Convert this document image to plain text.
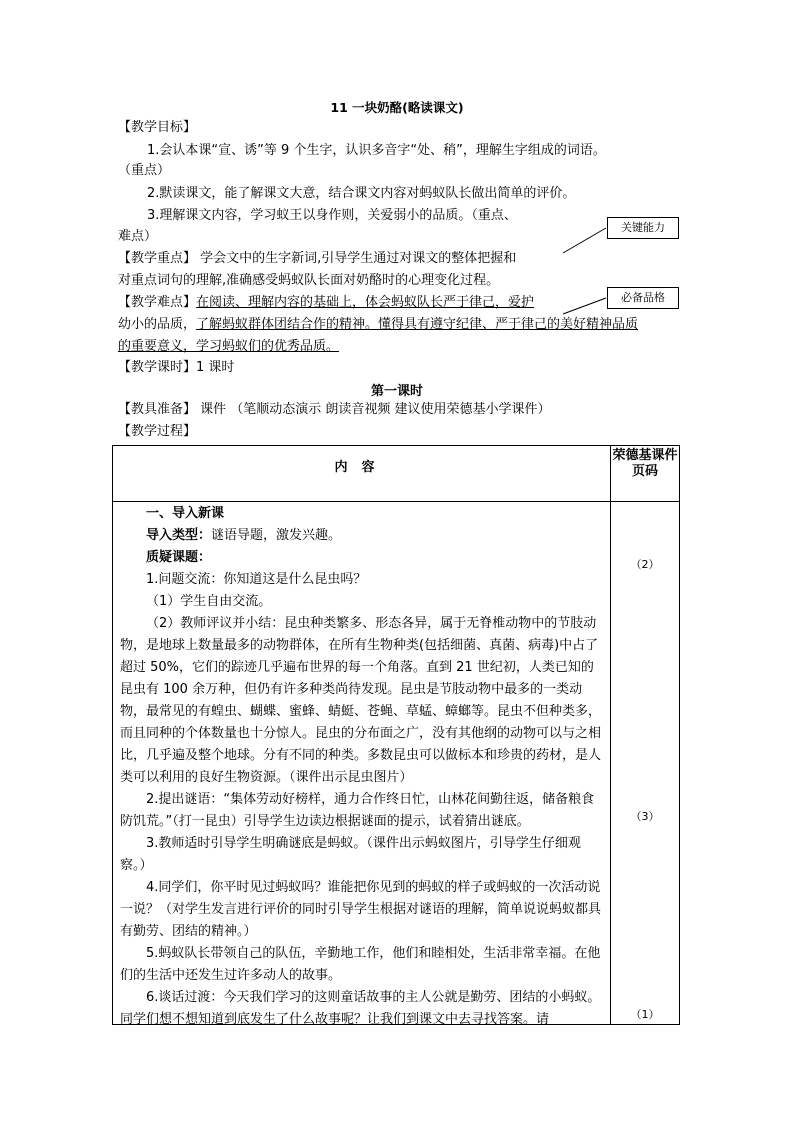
11 一块奶酪(略读课文)
【教学目标】
1.会认本课“宣、诱”等 9 个生字，认识多音字“处、稍”，理解生字组成的词语。
（重点）
2.默读课文，能了解课文大意，结合课文内容对蚂蚁队长做出简单的评价。
3.理解课文内容，学习蚁王以身作则，关爱弱小的品质。（重点、
难点）
【教学重点】 学会文中的生字新词,引导学生通过对课文的整体把握和
对重点词句的理解,准确感受蚂蚁队长面对奶酪时的心理变化过程。
【教学难点】在阅读、理解内容的基础上，体会蚂蚁队长严于律己，爱护
幼小的品质，了解蚂蚁群体团结合作的精神。懂得具有遵守纪律、严于律己的美好精神品质
的重要意义，学习蚂蚁们的优秀品质。
关键能力
必备品格
【教学课时】1 课时
第一课时
【教具准备】 课件 （笔顺动态演示 朗读音视频 建议使用荣德基小学课件）
【教学过程】
内容
荣德基课件页码

一、导入新课

导入类型：谜语导题，激发兴趣。

质疑课题：

1.问题交流：你知道这是什么昆虫吗？

（1）学生自由交流。

（2）教师评议并小结：昆虫种类繁多、形态各异，属于无脊椎动物中的节肢动物，是地球上数量最多的动物群体，在所有生物种类(包括细菌、真菌、病毒)中占了超过 50%，它们的踪迹几乎遍布世界的每一个角落。直到 21 世纪初，人类已知的昆虫有 100 余万种，但仍有许多种类尚待发现。昆虫是节肢动物中最多的一类动物，最常见的有蝗虫、蝴蝶、蜜蜂、蜻蜓、苍蝇、草蜢、蟑螂等。昆虫不但种类多，而且同种的个体数量也十分惊人。昆虫的分布面之广，没有其他纲的动物可以与之相比，几乎遍及整个地球。分有不同的种类。多数昆虫可以做标本和珍贵的药材，是人类可以利用的良好生物资源。（课件出示昆虫图片）

2.提出谜语：“集体劳动好榜样，通力合作终日忙，山林花间勤往返，储备粮食防饥荒。”（打一昆虫）引导学生边读边根据谜面的提示，试着猜出谜底。

3.教师适时引导学生明确谜底是蚂蚁。（课件出示蚂蚁图片，引导学生仔细观察。）

4.同学们，你平时见过蚂蚁吗？谁能把你见到的蚂蚁的样子或蚂蚁的一次活动说一说？（对学生发言进行评价的同时引导学生根据对谜语的理解，简单说说蚂蚁都具有勤劳、团结的精神。）

5.蚂蚁队长带领自己的队伍，辛勤地工作，他们和睦相处，生活非常幸福。在他们的生活中还发生过许多动人的故事。

6.谈话过渡：今天我们学习的这则童话故事的主人公就是勤劳、团结的小蚂蚁。同学们想不想知道到底发生了什么故事呢？让我们到课文中去寻找答案。请

（2）
（3）
（1）
